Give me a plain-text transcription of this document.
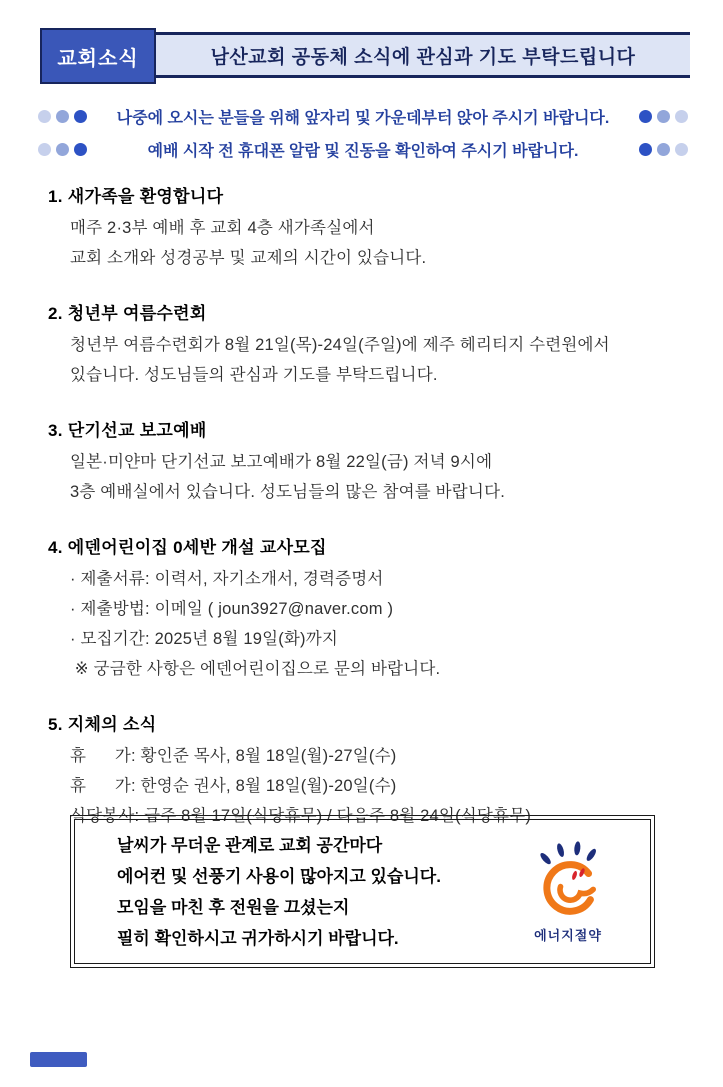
교회소식	남산교회 공동체 소식에 관심과 기도 부탁드립니다
나중에 오시는 분들을 위해 앞자리 및 가운데부터 앉아 주시기 바랍니다.
예배 시작 전 휴대폰 알람 및 진동을 확인하여 주시기 바랍니다.
1. 새가족을 환영합니다
매주 2·3부 예배 후 교회 4층 새가족실에서
교회 소개와 성경공부 및 교제의 시간이 있습니다.
2. 청년부 여름수련회
청년부 여름수련회가 8월 21일(목)-24일(주일)에 제주 헤리티지 수련원에서
있습니다. 성도님들의 관심과 기도를 부탁드립니다.
3. 단기선교 보고예배
일본·미얀마 단기선교 보고예배가 8월 22일(금) 저녁 9시에
3층 예배실에서 있습니다. 성도님들의 많은 참여를 바랍니다.
4. 에덴어린이집 0세반 개설 교사모집
· 제출서류: 이력서, 자기소개서, 경력증명서
· 제출방법: 이메일 ( joun3927@naver.com )
· 모집기간: 2025년 8월 19일(화)까지
※ 궁금한 사항은 에덴어린이집으로 문의 바랍니다.
5. 지체의 소식
휴      가: 황인준 목사, 8월 18일(월)-27일(수)
휴      가: 한영순 권사, 8월 18일(월)-20일(수)
식당봉사: 금주 8월 17일(식당휴무) / 다음주 8월 24일(식당휴무)
날씨가 무더운 관계로 교회 공간마다
에어컨 및 선풍기 사용이 많아지고 있습니다.
모임을 마친 후 전원을 끄셨는지
필히 확인하시고 귀가하시기 바랍니다.	에너지절약
